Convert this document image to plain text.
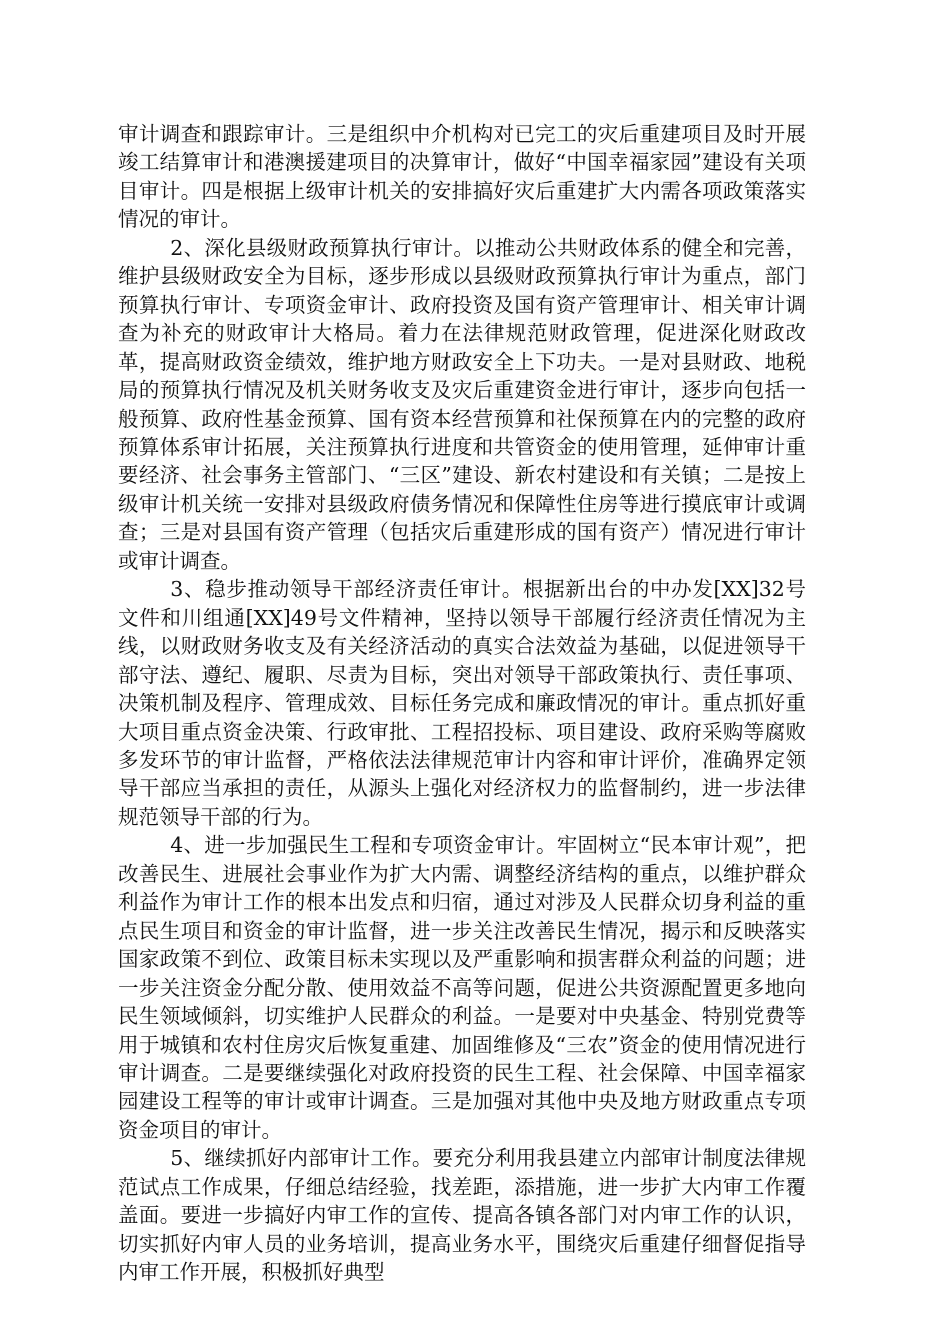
审计调查和跟踪审计。三是组织中介机构对已完工的灾后重建项目及时开展竣工结算审计和港澳援建项目的决算审计，做好“中国幸福家园”建设有关项目审计。四是根据上级审计机关的安排搞好灾后重建扩大内需各项政策落实情况的审计。

2、深化县级财政预算执行审计。以推动公共财政体系的健全和完善，维护县级财政安全为目标，逐步形成以县级财政预算执行审计为重点，部门预算执行审计、专项资金审计、政府投资及国有资产管理审计、相关审计调查为补充的财政审计大格局。着力在法律规范财政管理，促进深化财政改革，提高财政资金绩效，维护地方财政安全上下功夫。一是对县财政、地税局的预算执行情况及机关财务收支及灾后重建资金进行审计，逐步向包括一般预算、政府性基金预算、国有资本经营预算和社保预算在内的完整的政府预算体系审计拓展，关注预算执行进度和共管资金的使用管理，延伸审计重要经济、社会事务主管部门、“三区”建设、新农村建设和有关镇；二是按上级审计机关统一安排对县级政府债务情况和保障性住房等进行摸底审计或调查；三是对县国有资产管理（包括灾后重建形成的国有资产）情况进行审计或审计调查。

3、稳步推动领导干部经济责任审计。根据新出台的中办发[XX]32号文件和川组通[XX]49号文件精神，坚持以领导干部履行经济责任情况为主线，以财政财务收支及有关经济活动的真实合法效益为基础，以促进领导干部守法、遵纪、履职、尽责为目标，突出对领导干部政策执行、责任事项、决策机制及程序、管理成效、目标任务完成和廉政情况的审计。重点抓好重大项目重点资金决策、行政审批、工程招投标、项目建设、政府采购等腐败多发环节的审计监督，严格依法法律规范审计内容和审计评价，准确界定领导干部应当承担的责任，从源头上强化对经济权力的监督制约，进一步法律规范领导干部的行为。

4、进一步加强民生工程和专项资金审计。牢固树立“民本审计观”，把改善民生、进展社会事业作为扩大内需、调整经济结构的重点，以维护群众利益作为审计工作的根本出发点和归宿，通过对涉及人民群众切身利益的重点民生项目和资金的审计监督，进一步关注改善民生情况，揭示和反映落实国家政策不到位、政策目标未实现以及严重影响和损害群众利益的问题；进一步关注资金分配分散、使用效益不高等问题，促进公共资源配置更多地向民生领域倾斜，切实维护人民群众的利益。一是要对中央基金、特别党费等用于城镇和农村住房灾后恢复重建、加固维修及“三农”资金的使用情况进行审计调查。二是要继续强化对政府投资的民生工程、社会保障、中国幸福家园建设工程等的审计或审计调查。三是加强对其他中央及地方财政重点专项资金项目的审计。

5、继续抓好内部审计工作。要充分利用我县建立内部审计制度法律规范试点工作成果，仔细总结经验，找差距，添措施，进一步扩大内审工作覆盖面。要进一步搞好内审工作的宣传、提高各镇各部门对内审工作的认识，切实抓好内审人员的业务培训，提高业务水平，围绕灾后重建仔细督促指导内审工作开展，积极抓好典型
